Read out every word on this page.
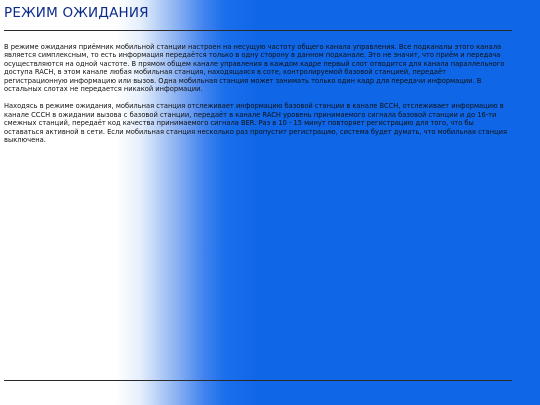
РЕЖИМ ОЖИДАНИЯ

В режиме ожидания приёмник мобильной станции настроен на несущую частоту общего канала управления. Все подканалы этого канала является симплексным, то есть информация передаётся только в одну сторону в данном подканале. Это не значит, что приём и передача осуществляются на одной частоте. В прямом общем канале управления в каждом кадре первый слот отводится для канала параллельного доступа RACH, в этом канале любая мобильная станция, находящаяся в соте, контролируемой базовой станцией, передаёт регистрационную информацию или вызов. Одна мобильная станция может занимать только один кадр для передачи информации. В остальных слотах не передается никакой информации.

Находясь в режиме ожидания, мобильная станция отслеживает информацию базовой станции в канале BCCH, отслеживает информацию в канале CCCH в ожидании вызова с базовой станции, передаёт в канале RACH уровень принимаемого сигнала базовой станции и до 16-ти смежных станций, передаёт код качества принимаемого сигнала BER. Раз в 10 - 15 минут повторяет регистрацию для того, что бы оставаться активной в сети. Если мобильная станция несколько раз пропустит регистрацию, система будет думать, что мобильная станция выключена.
